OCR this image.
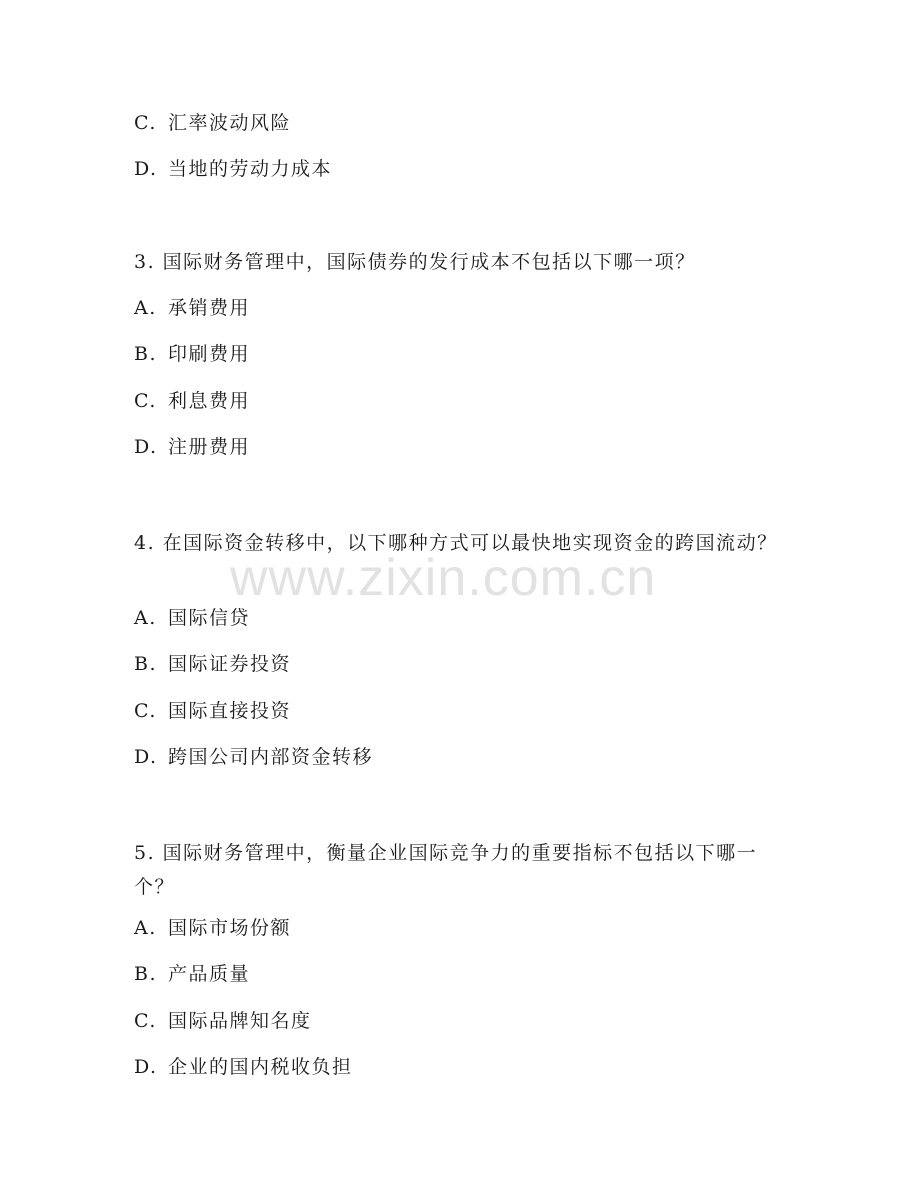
C. 汇率波动风险
D. 当地的劳动力成本
3. 国际财务管理中，国际债券的发行成本不包括以下哪一项？
A. 承销费用
B. 印刷费用
C. 利息费用
D. 注册费用
4. 在国际资金转移中，以下哪种方式可以最快地实现资金的跨国流动？
A. 国际信贷
B. 国际证券投资
C. 国际直接投资
D. 跨国公司内部资金转移
5. 国际财务管理中，衡量企业国际竞争力的重要指标不包括以下哪一个？
A. 国际市场份额
B. 产品质量
C. 国际品牌知名度
D. 企业的国内税收负担
www.zixin.com.cn
